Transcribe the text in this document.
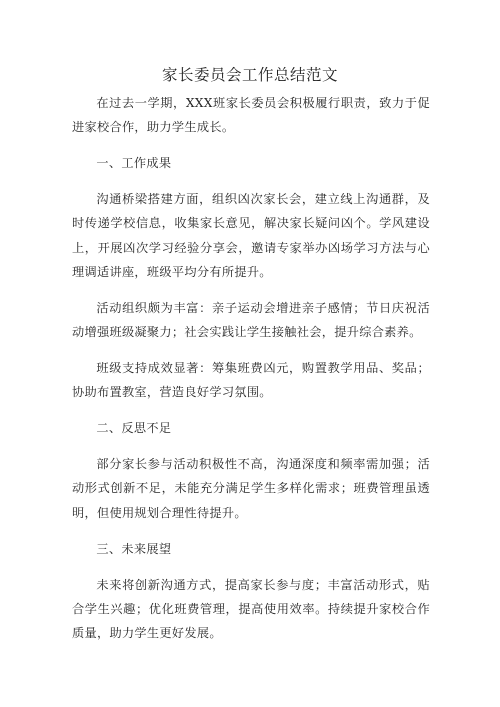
家长委员会工作总结范文

在过去一学期，XXX班家长委员会积极履行职责，致力于促进家校合作，助力学生成长。

一、工作成果

沟通桥梁搭建方面，组织凶次家长会，建立线上沟通群，及时传递学校信息，收集家长意见，解决家长疑问凶个。学风建设上，开展凶次学习经验分享会，邀请专家举办凶场学习方法与心理调适讲座，班级平均分有所提升。

活动组织颇为丰富：亲子运动会增进亲子感情；节日庆祝活动增强班级凝聚力；社会实践让学生接触社会，提升综合素养。

班级支持成效显著：筹集班费凶元，购置教学用品、奖品；协助布置教室，营造良好学习氛围。

二、反思不足

部分家长参与活动积极性不高，沟通深度和频率需加强；活动形式创新不足，未能充分满足学生多样化需求；班费管理虽透明，但使用规划合理性待提升。

三、未来展望

未来将创新沟通方式，提高家长参与度；丰富活动形式，贴合学生兴趣；优化班费管理，提高使用效率。持续提升家校合作质量，助力学生更好发展。
